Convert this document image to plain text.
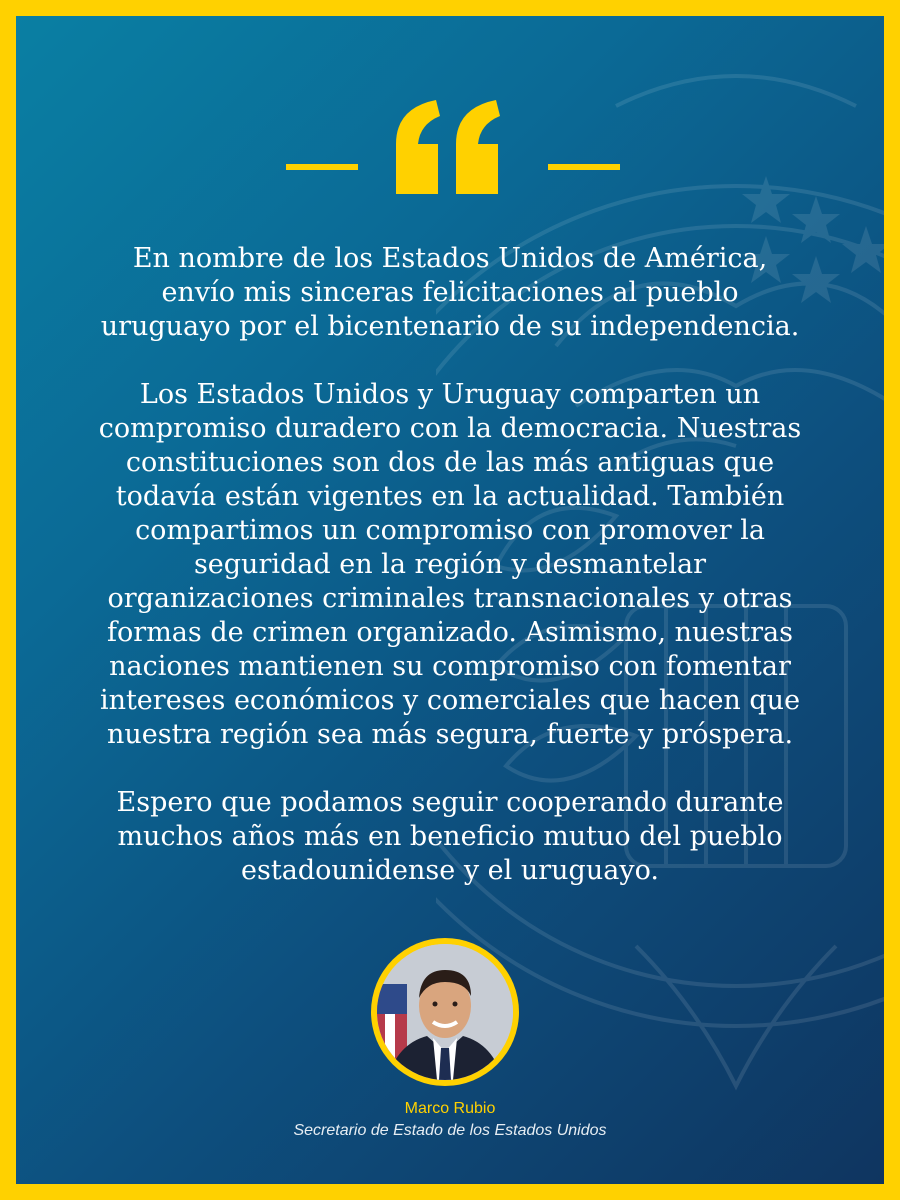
En nombre de los Estados Unidos de América,
envío mis sinceras felicitaciones al pueblo
uruguayo por el bicentenario de su independencia.

Los Estados Unidos y Uruguay comparten un
compromiso duradero con la democracia. Nuestras
constituciones son dos de las más antiguas que
todavía están vigentes en la actualidad. También
compartimos un compromiso con promover la
seguridad en la región y desmantelar
organizaciones criminales transnacionales y otras
formas de crimen organizado. Asimismo, nuestras
naciones mantienen su compromiso con fomentar
intereses económicos y comerciales que hacen que
nuestra región sea más segura, fuerte y próspera.

Espero que podamos seguir cooperando durante
muchos años más en beneficio mutuo del pueblo
estadounidense y el uruguayo.

Marco Rubio
Secretario de Estado de los Estados Unidos
